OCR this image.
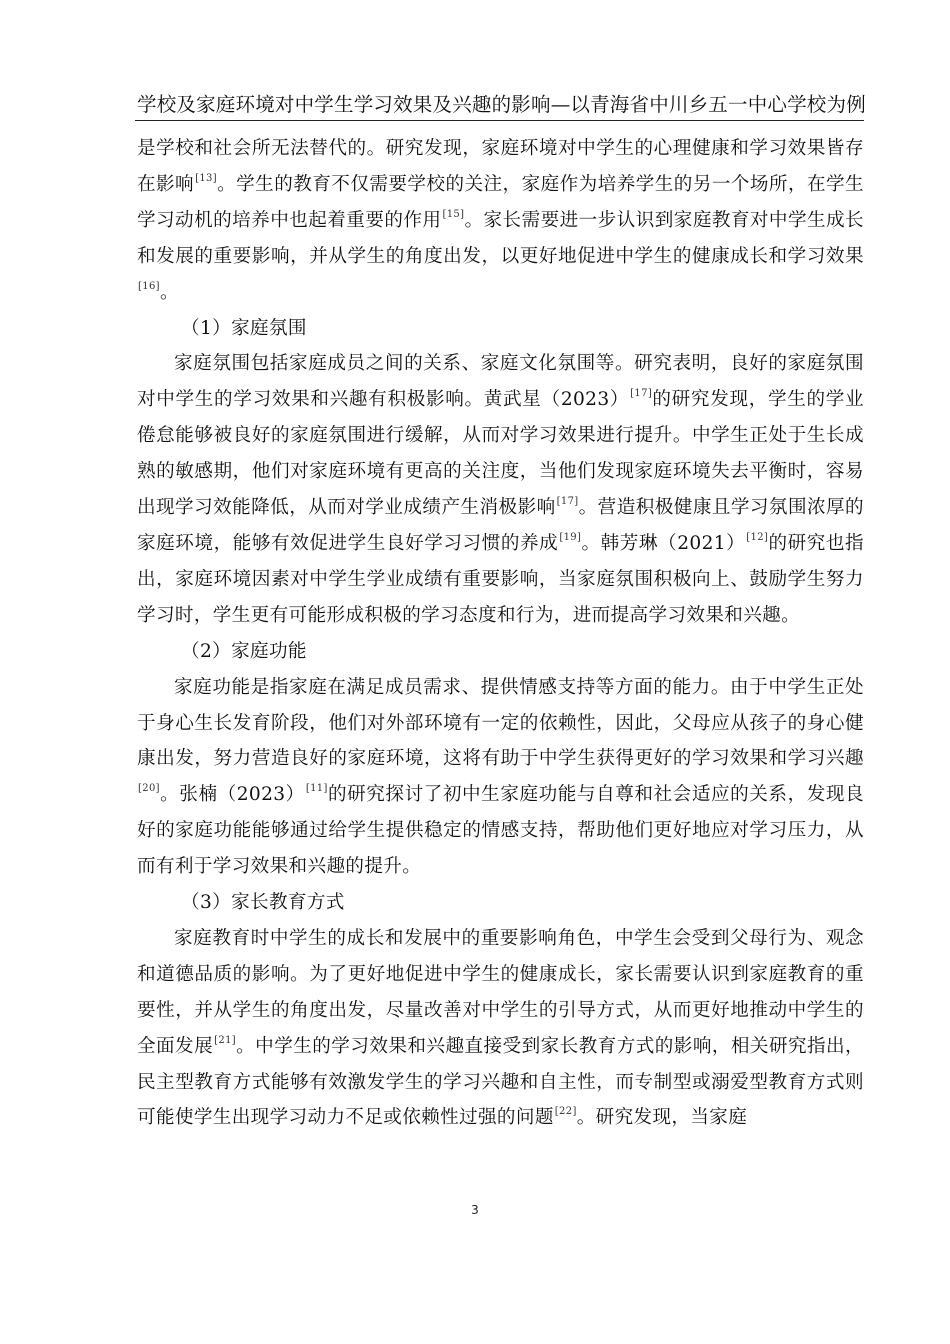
学校及家庭环境对中学生学习效果及兴趣的影响—以青海省中川乡五一中心学校为例

是学校和社会所无法替代的。研究发现，家庭环境对中学生的心理健康和学习效果皆存在影响[13]。学生的教育不仅需要学校的关注，家庭作为培养学生的另一个场所，在学生学习动机的培养中也起着重要的作用[15]。家长需要进一步认识到家庭教育对中学生成长和发展的重要影响，并从学生的角度出发，以更好地促进中学生的健康成长和学习效果[16]。

（1）家庭氛围

家庭氛围包括家庭成员之间的关系、家庭文化氛围等。研究表明，良好的家庭氛围对中学生的学习效果和兴趣有积极影响。黄武星（2023）[17]的研究发现，学生的学业倦怠能够被良好的家庭氛围进行缓解，从而对学习效果进行提升。中学生正处于生长成熟的敏感期，他们对家庭环境有更高的关注度，当他们发现家庭环境失去平衡时，容易出现学习效能降低，从而对学业成绩产生消极影响[17]。营造积极健康且学习氛围浓厚的家庭环境，能够有效促进学生良好学习习惯的养成[19]。韩芳琳（2021）[12]的研究也指出，家庭环境因素对中学生学业成绩有重要影响，当家庭氛围积极向上、鼓励学生努力学习时，学生更有可能形成积极的学习态度和行为，进而提高学习效果和兴趣。

（2）家庭功能

家庭功能是指家庭在满足成员需求、提供情感支持等方面的能力。由于中学生正处于身心生长发育阶段，他们对外部环境有一定的依赖性，因此，父母应从孩子的身心健康出发，努力营造良好的家庭环境，这将有助于中学生获得更好的学习效果和学习兴趣[20]。张楠（2023）[11]的研究探讨了初中生家庭功能与自尊和社会适应的关系，发现良好的家庭功能能够通过给学生提供稳定的情感支持，帮助他们更好地应对学习压力，从而有利于学习效果和兴趣的提升。

（3）家长教育方式

家庭教育时中学生的成长和发展中的重要影响角色，中学生会受到父母行为、观念和道德品质的影响。为了更好地促进中学生的健康成长，家长需要认识到家庭教育的重要性，并从学生的角度出发，尽量改善对中学生的引导方式，从而更好地推动中学生的全面发展[21]。中学生的学习效果和兴趣直接受到家长教育方式的影响，相关研究指出，民主型教育方式能够有效激发学生的学习兴趣和自主性，而专制型或溺爱型教育方式则可能使学生出现学习动力不足或依赖性过强的问题[22]。研究发现，当家庭

3
